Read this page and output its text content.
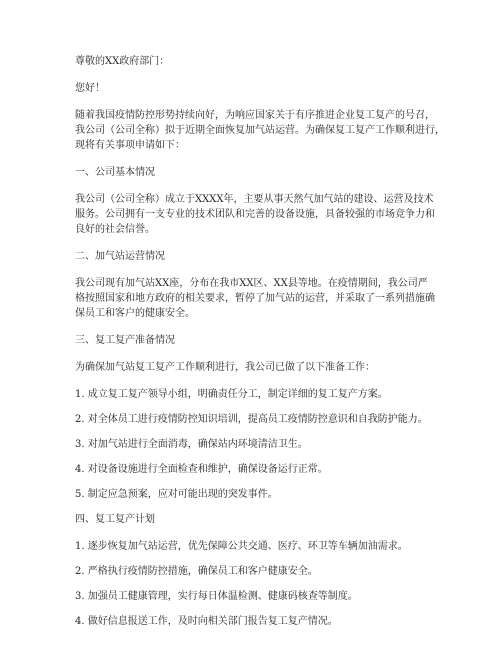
尊敬的XX政府部门：

您好！

随着我国疫情防控形势持续向好，为响应国家关于有序推进企业复工复产的号召，

我公司（公司全称）拟于近期全面恢复加气站运营。为确保复工复产工作顺利进行，

现将有关事项申请如下：

一、公司基本情况

我公司（公司全称）成立于XXXX年，主要从事天然气加气站的建设、运营及技术

服务。公司拥有一支专业的技术团队和完善的设备设施，具备较强的市场竞争力和

良好的社会信誉。

二、加气站运营情况

我公司现有加气站XX座，分布在我市XX区、XX县等地。在疫情期间，我公司严

格按照国家和地方政府的相关要求，暂停了加气站的运营，并采取了一系列措施确

保员工和客户的健康安全。

三、复工复产准备情况

为确保加气站复工复产工作顺利进行，我公司已做了以下准备工作：

1. 成立复工复产领导小组，明确责任分工，制定详细的复工复产方案。

2. 对全体员工进行疫情防控知识培训，提高员工疫情防控意识和自我防护能力。

3. 对加气站进行全面消毒，确保站内环境清洁卫生。

4. 对设备设施进行全面检查和维护，确保设备运行正常。

5. 制定应急预案，应对可能出现的突发事件。

四、复工复产计划

1. 逐步恢复加气站运营，优先保障公共交通、医疗、环卫等车辆加油需求。

2. 严格执行疫情防控措施，确保员工和客户健康安全。

3. 加强员工健康管理，实行每日体温检测、健康码核查等制度。

4. 做好信息报送工作，及时向相关部门报告复工复产情况。
